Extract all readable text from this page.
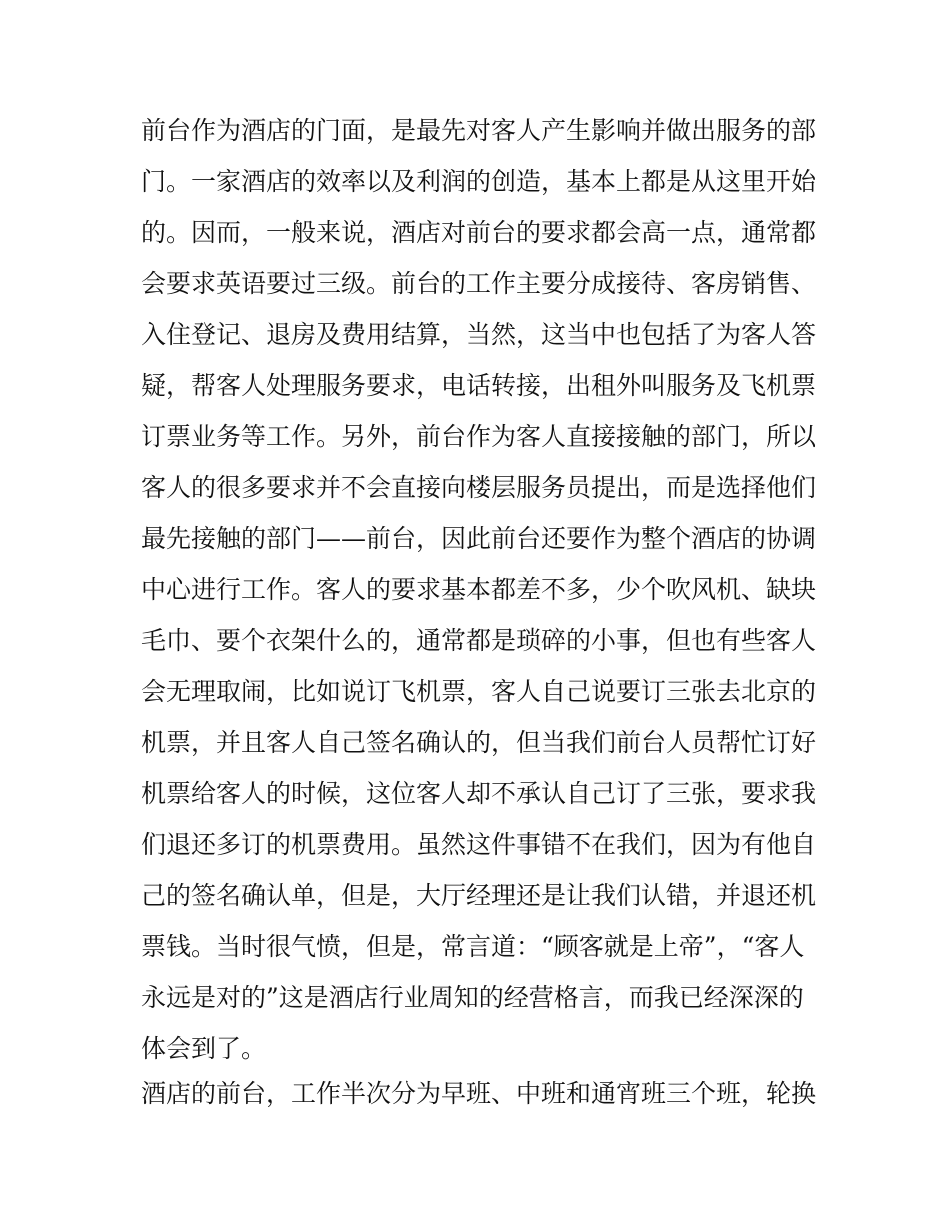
前台作为酒店的门面，是最先对客人产生影响并做出服务的部
门。一家酒店的效率以及利润的创造，基本上都是从这里开始
的。因而，一般来说，酒店对前台的要求都会高一点，通常都
会要求英语要过三级。前台的工作主要分成接待、客房销售、
入住登记、退房及费用结算，当然，这当中也包括了为客人答
疑，帮客人处理服务要求，电话转接，出租外叫服务及飞机票
订票业务等工作。另外，前台作为客人直接接触的部门，所以
客人的很多要求并不会直接向楼层服务员提出，而是选择他们
最先接触的部门——前台，因此前台还要作为整个酒店的协调
中心进行工作。客人的要求基本都差不多，少个吹风机、缺块
毛巾、要个衣架什么的，通常都是琐碎的小事，但也有些客人
会无理取闹，比如说订飞机票，客人自己说要订三张去北京的
机票，并且客人自己签名确认的，但当我们前台人员帮忙订好
机票给客人的时候，这位客人却不承认自己订了三张，要求我
们退还多订的机票费用。虽然这件事错不在我们，因为有他自
己的签名确认单，但是，大厅经理还是让我们认错，并退还机
票钱。当时很气愤，但是，常言道：“顾客就是上帝”，“客人
永远是对的”这是酒店行业周知的经营格言，而我已经深深的
体会到了。
酒店的前台，工作半次分为早班、中班和通宵班三个班，轮换
